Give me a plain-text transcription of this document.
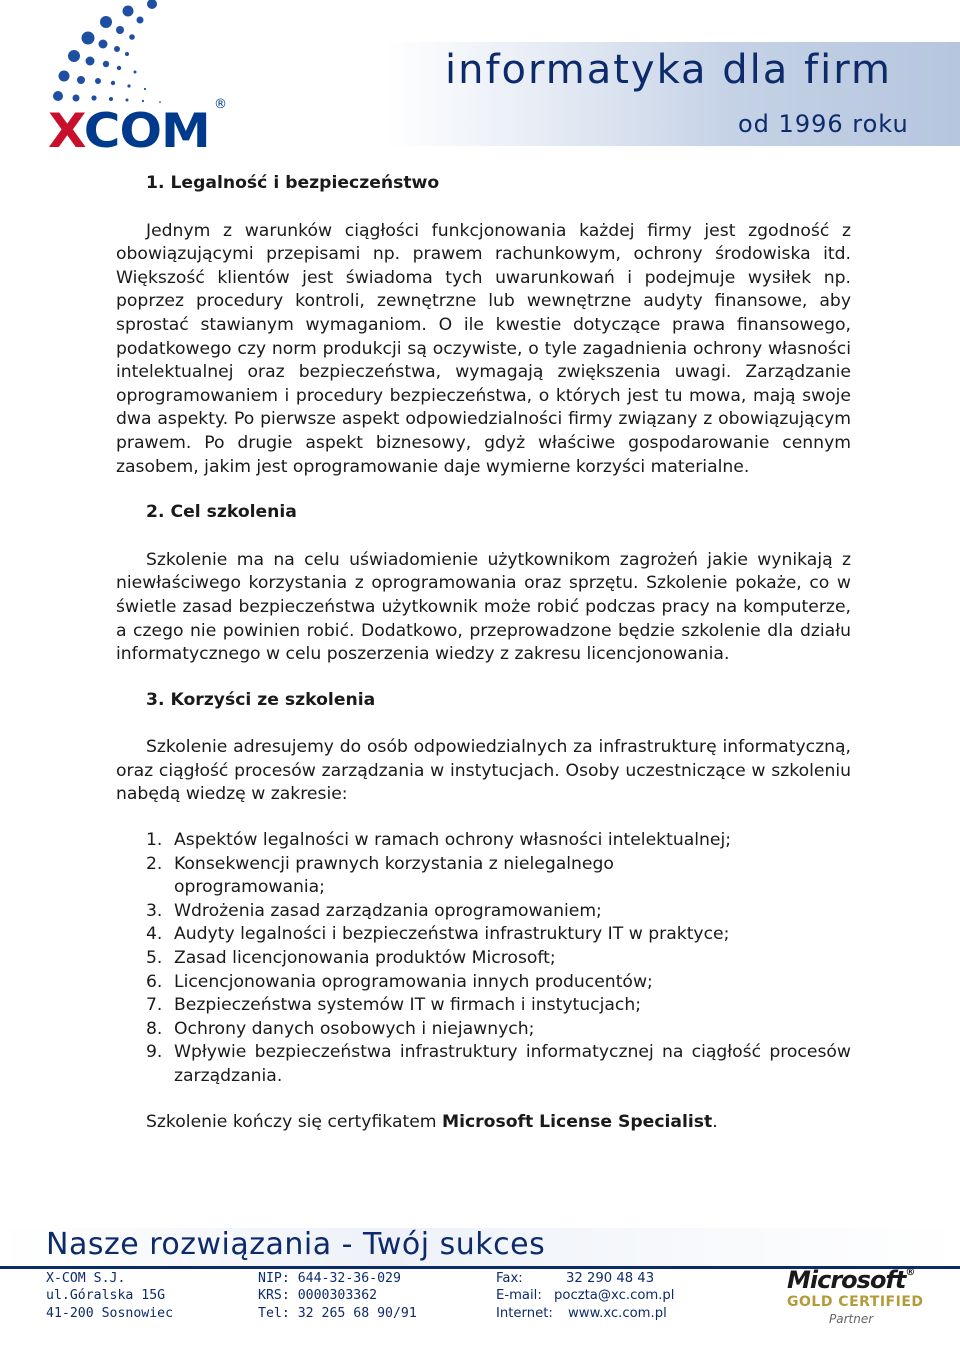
XCOM ®
informatyka dla firm
od 1996 roku
1. Legalność i bezpieczeństwo

Jednym z warunków ciągłości funkcjonowania każdej firmy jest zgodność z obowiązującymi przepisami np. prawem rachunkowym, ochrony środowiska itd. Większość klientów jest świadoma tych uwarunkowań i podejmuje wysiłek np. poprzez procedury kontroli, zewnętrzne lub wewnętrzne audyty finansowe, aby sprostać stawianym wymaganiom. O ile kwestie dotyczące prawa finansowego, podatkowego czy norm produkcji są oczywiste, o tyle zagadnienia ochrony własności intelektualnej oraz bezpieczeństwa, wymagają zwiększenia uwagi. Zarządzanie oprogramowaniem i procedury bezpieczeństwa, o których jest tu mowa, mają swoje dwa aspekty. Po pierwsze aspekt odpowiedzialności firmy związany z obowiązującym prawem. Po drugie aspekt biznesowy, gdyż właściwe gospodarowanie cennym zasobem, jakim jest oprogramowanie daje wymierne korzyści materialne.

2. Cel szkolenia

Szkolenie ma na celu uświadomienie użytkownikom zagrożeń jakie wynikają z niewłaściwego korzystania z oprogramowania oraz sprzętu. Szkolenie pokaże, co w świetle zasad bezpieczeństwa użytkownik może robić podczas pracy na komputerze, a czego nie powinien robić. Dodatkowo, przeprowadzone będzie szkolenie dla działu informatycznego w celu poszerzenia wiedzy z zakresu licencjonowania.

3. Korzyści ze szkolenia

Szkolenie adresujemy do osób odpowiedzialnych za infrastrukturę informatyczną, oraz ciągłość procesów zarządzania w instytucjach. Osoby uczestniczące w szkoleniu nabędą wiedzę w zakresie:

1. Aspektów legalności w ramach ochrony własności intelektualnej;
2. Konsekwencji prawnych korzystania z nielegalnego oprogramowania;
3. Wdrożenia zasad zarządzania oprogramowaniem;
4. Audyty legalności i bezpieczeństwa infrastruktury IT w praktyce;
5. Zasad licencjonowania produktów Microsoft;
6. Licencjonowania oprogramowania innych producentów;
7. Bezpieczeństwa systemów IT w firmach i instytucjach;
8. Ochrony danych osobowych i niejawnych;
9. Wpływie bezpieczeństwa infrastruktury informatycznej na ciągłość procesów zarządzania.

Szkolenie kończy się certyfikatem Microsoft License Specialist.

Nasze rozwiązania - Twój sukces
X-COM S.J.
ul.Góralska 15G
41-200 Sosnowiec
NIP: 644-32-36-029
KRS: 0000303362
Tel: 32 265 68 90/91
Fax:	32 290 48 43
E-mail: poczta@xc.com.pl
Internet: www.xc.com.pl
Microsoft®
GOLD CERTIFIED
Partner
